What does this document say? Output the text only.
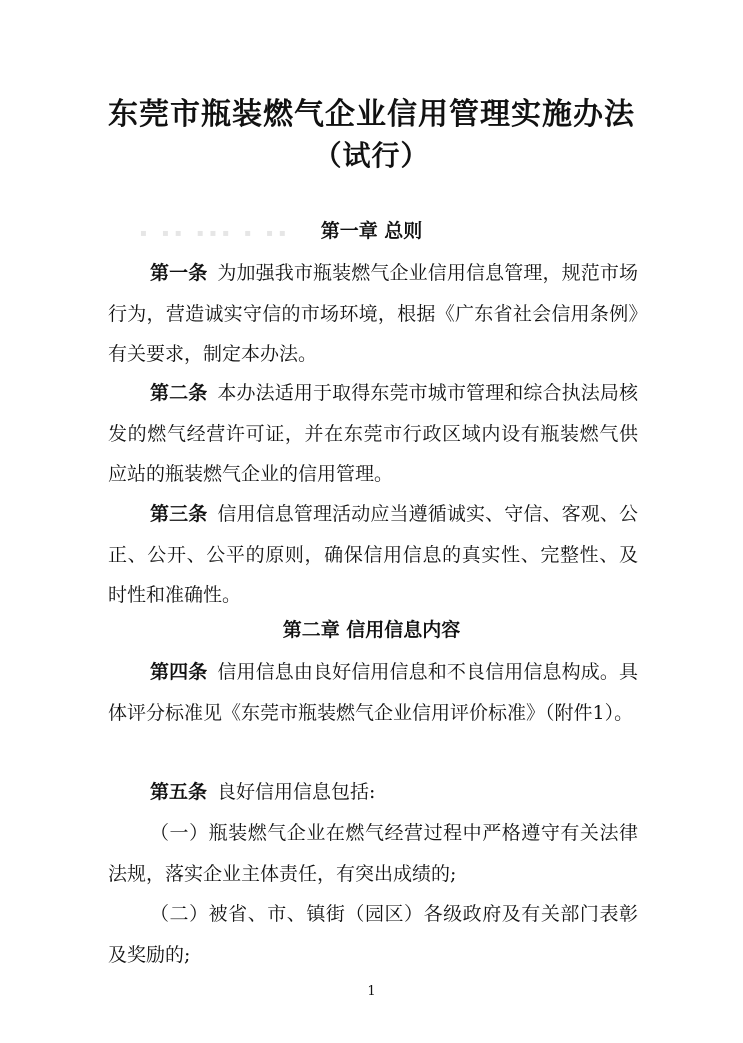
东莞市瓶装燃气企业信用管理实施办法
（试行）
第一章 总则
▪ ▪▪ ▪▪▪ ▪ ▪▪

第一条 为加强我市瓶装燃气企业信用信息管理，规范市场行为，营造诚实守信的市场环境，根据《广东省社会信用条例》有关要求，制定本办法。

第二条 本办法适用于取得东莞市城市管理和综合执法局核发的燃气经营许可证，并在东莞市行政区域内设有瓶装燃气供应站的瓶装燃气企业的信用管理。

第三条 信用信息管理活动应当遵循诚实、守信、客观、公正、公开、公平的原则，确保信用信息的真实性、完整性、及时性和准确性。

第二章 信用信息内容

第四条 信用信息由良好信用信息和不良信用信息构成。具体评分标准见《东莞市瓶装燃气企业信用评价标准》（附件1）。

第五条 良好信用信息包括:

（一）瓶装燃气企业在燃气经营过程中严格遵守有关法律法规，落实企业主体责任，有突出成绩的;

（二）被省、市、镇街（园区）各级政府及有关部门表彰及奖励的;

1
